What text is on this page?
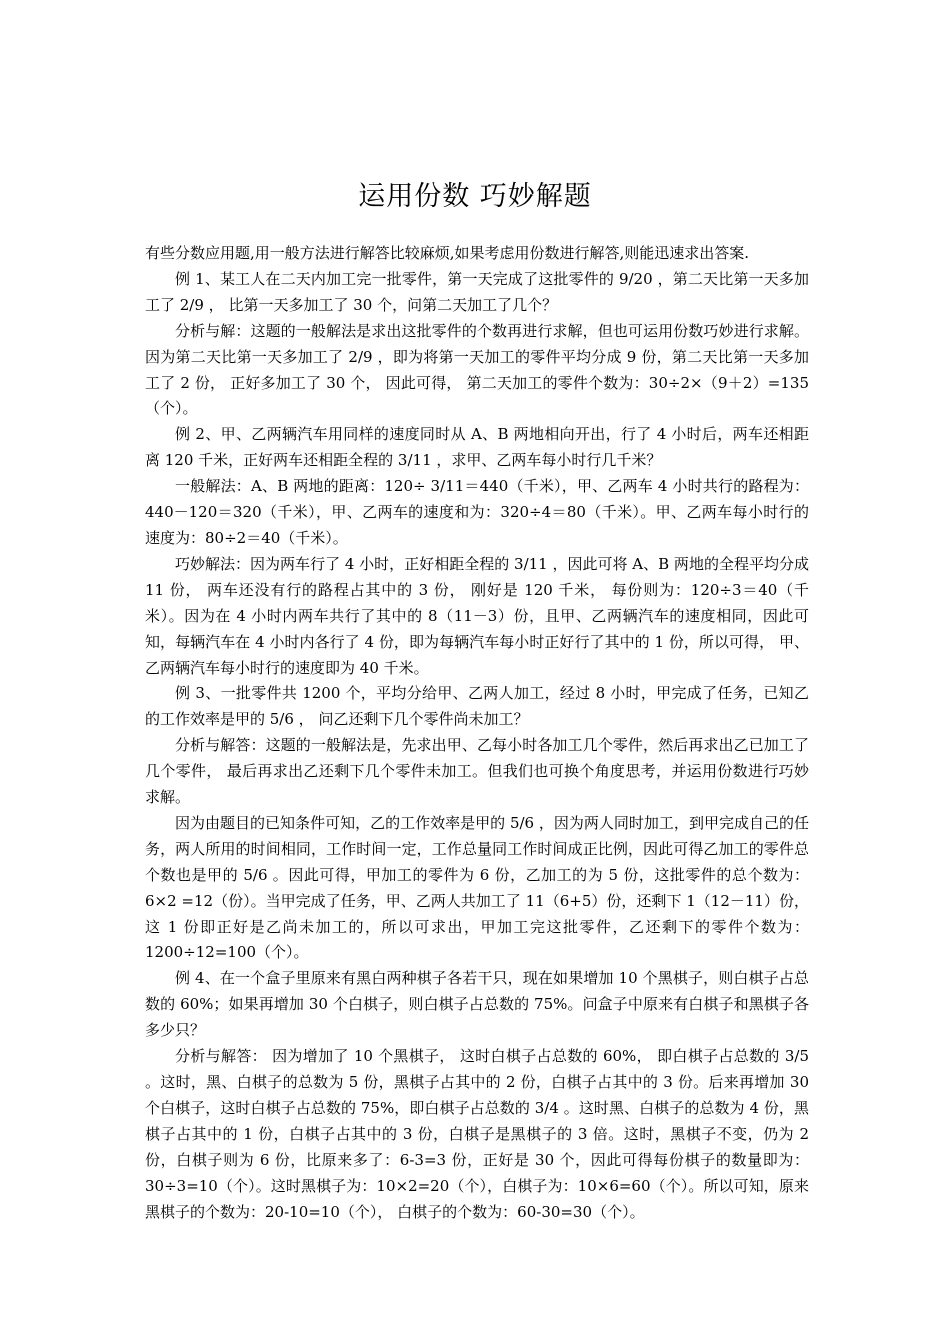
运用份数 巧妙解题

有些分数应用题,用一般方法进行解答比较麻烦,如果考虑用份数进行解答,则能迅速求出答案.

例 1、某工人在二天内加工完一批零件，第一天完成了这批零件的 9/20 ，第二天比第一天多加工了 2/9 ， 比第一天多加工了 30 个，问第二天加工了几个？

分析与解：这题的一般解法是求出这批零件的个数再进行求解，但也可运用份数巧妙进行求解。因为第二天比第一天多加工了 2/9 ，即为将第一天加工的零件平均分成 9 份，第二天比第一天多加工了 2 份， 正好多加工了 30 个， 因此可得， 第二天加工的零件个数为：30÷2×（9＋2）=135（个）。

例 2、甲、乙两辆汽车用同样的速度同时从 A、B 两地相向开出，行了 4 小时后，两车还相距离 120 千米，正好两车还相距全程的 3/11 ，求甲、乙两车每小时行几千米？

一般解法：A、B 两地的距离：120÷ 3/11＝440（千米），甲、乙两车 4 小时共行的路程为：440－120＝320（千米），甲、乙两车的速度和为：320÷4＝80（千米）。甲、乙两车每小时行的速度为：80÷2＝40（千米）。

巧妙解法：因为两车行了 4 小时，正好相距全程的 3/11 ，因此可将 A、B 两地的全程平均分成 11 份， 两车还没有行的路程占其中的 3 份， 刚好是 120 千米， 每份则为：120÷3＝40（千米）。因为在 4 小时内两车共行了其中的 8（11－3）份，且甲、乙两辆汽车的速度相同，因此可知，每辆汽车在 4 小时内各行了 4 份，即为每辆汽车每小时正好行了其中的 1 份，所以可得， 甲、乙两辆汽车每小时行的速度即为 40 千米。

例 3、一批零件共 1200 个，平均分给甲、乙两人加工，经过 8 小时，甲完成了任务，已知乙的工作效率是甲的 5/6 ， 问乙还剩下几个零件尚未加工？

分析与解答：这题的一般解法是，先求出甲、乙每小时各加工几个零件，然后再求出乙已加工了几个零件， 最后再求出乙还剩下几个零件未加工。但我们也可换个角度思考，并运用份数进行巧妙求解。

因为由题目的已知条件可知，乙的工作效率是甲的 5/6 ，因为两人同时加工，到甲完成自己的任务，两人所用的时间相同，工作时间一定，工作总量同工作时间成正比例，因此可得乙加工的零件总个数也是甲的 5/6 。因此可得，甲加工的零件为 6 份，乙加工的为 5 份，这批零件的总个数为：6×2 =12（份）。当甲完成了任务，甲、乙两人共加工了 11（6+5）份，还剩下 1（12－11）份，这 1 份即正好是乙尚未加工的，所以可求出，甲加工完这批零件，乙还剩下的零件个数为：1200÷12=100（个）。

例 4、在一个盒子里原来有黑白两种棋子各若干只，现在如果增加 10 个黑棋子，则白棋子占总数的 60%；如果再增加 30 个白棋子，则白棋子占总数的 75%。问盒子中原来有白棋子和黑棋子各多少只？

分析与解答： 因为增加了 10 个黑棋子， 这时白棋子占总数的 60%， 即白棋子占总数的 3/5 。这时，黑、白棋子的总数为 5 份，黑棋子占其中的 2 份，白棋子占其中的 3 份。后来再增加 30 个白棋子，这时白棋子占总数的 75%，即白棋子占总数的 3/4 。这时黑、白棋子的总数为 4 份，黑棋子占其中的 1 份，白棋子占其中的 3 份，白棋子是黑棋子的 3 倍。这时，黑棋子不变，仍为 2 份，白棋子则为 6 份，比原来多了：6-3=3 份，正好是 30 个，因此可得每份棋子的数量即为：30÷3=10（个）。这时黑棋子为：10×2=20（个），白棋子为：10×6=60（个）。所以可知，原来黑棋子的个数为：20-10=10（个）， 白棋子的个数为：60-30=30（个）。
